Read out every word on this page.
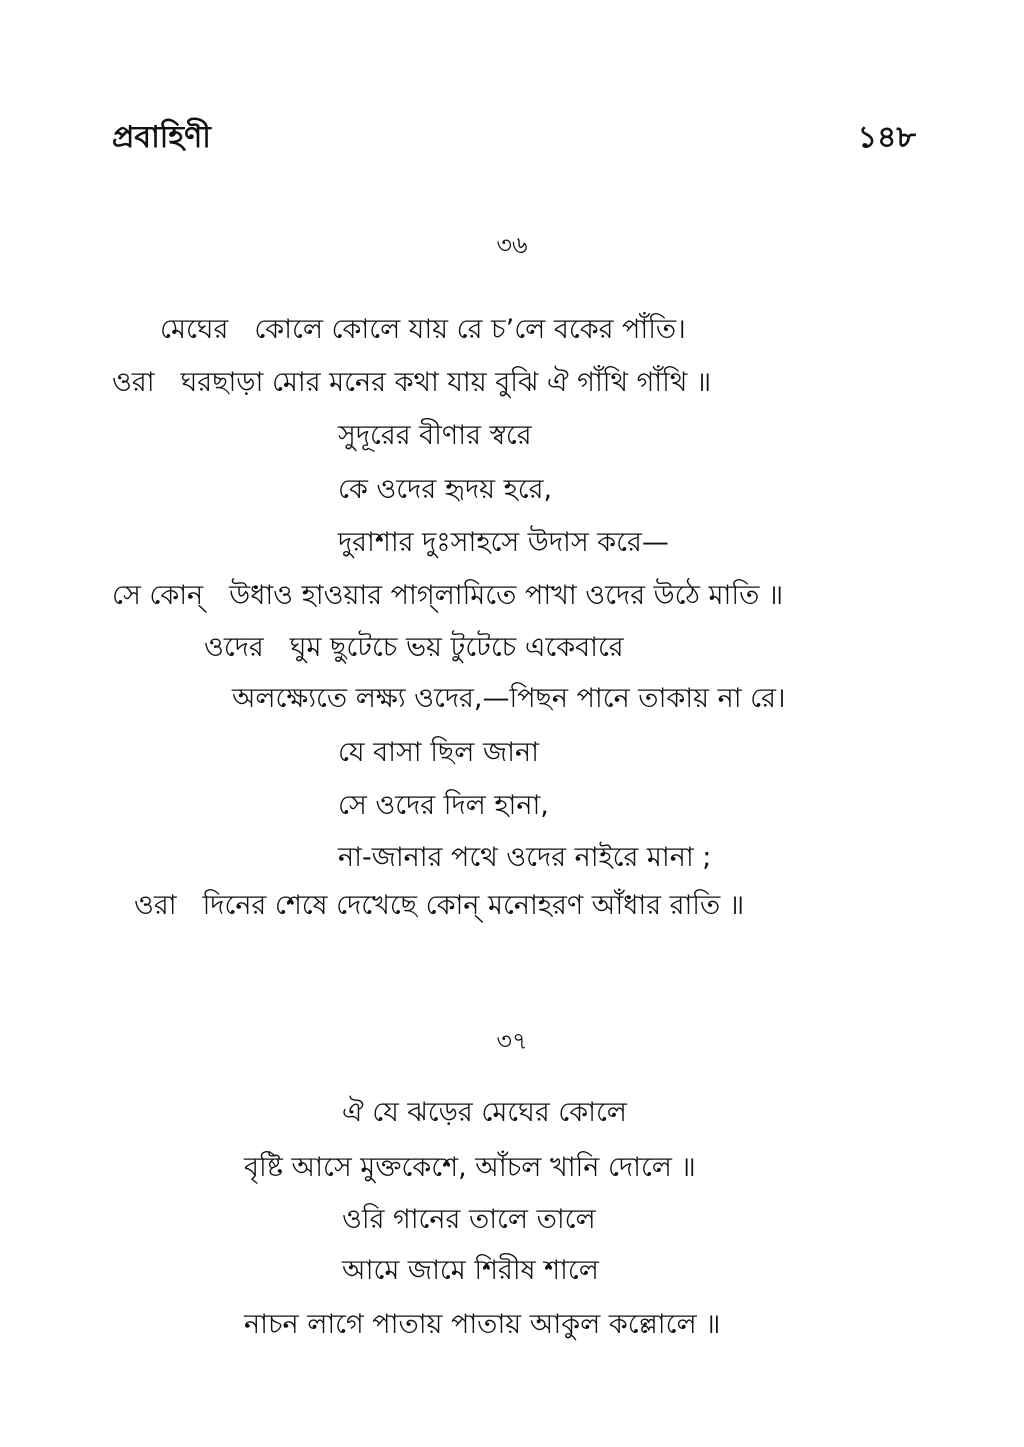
প্রবাহিণী	১৪৮
৩৬
মেঘের কোলে কোলে যায় রে চ’লে বকের পাঁতি।
ওরা ঘরছাড়া মোর মনের কথা যায় বুঝি ঐ গাঁথি গাঁথি ॥
সুদূরের বীণার স্বরে
কে ওদের হৃদয় হরে,
দুরাশার দুঃসাহসে উদাস করে—
সে কোন্ উধাও হাওয়ার পাগ্‌লামিতে পাখা ওদের উঠে মাতি ॥
ওদের ঘুম ছুটেচে ভয় টুটেচে একেবারে
অলক্ষ্যেতে লক্ষ্য ওদের,—পিছন পানে তাকায় না রে।
যে বাসা ছিল জানা
সে ওদের দিল হানা,
না-জানার পথে ওদের নাইরে মানা ;
ওরা দিনের শেষে দেখেছে কোন্ মনোহরণ আঁধার রাতি ॥
৩৭
ঐ যে ঝড়ের মেঘের কোলে
বৃষ্টি আসে মুক্তকেশে, আঁচল খানি দোলে ॥
ওরি গানের তালে তালে
আমে জামে শিরীষ শালে
নাচন লাগে পাতায় পাতায় আকুল কল্লোলে ॥
